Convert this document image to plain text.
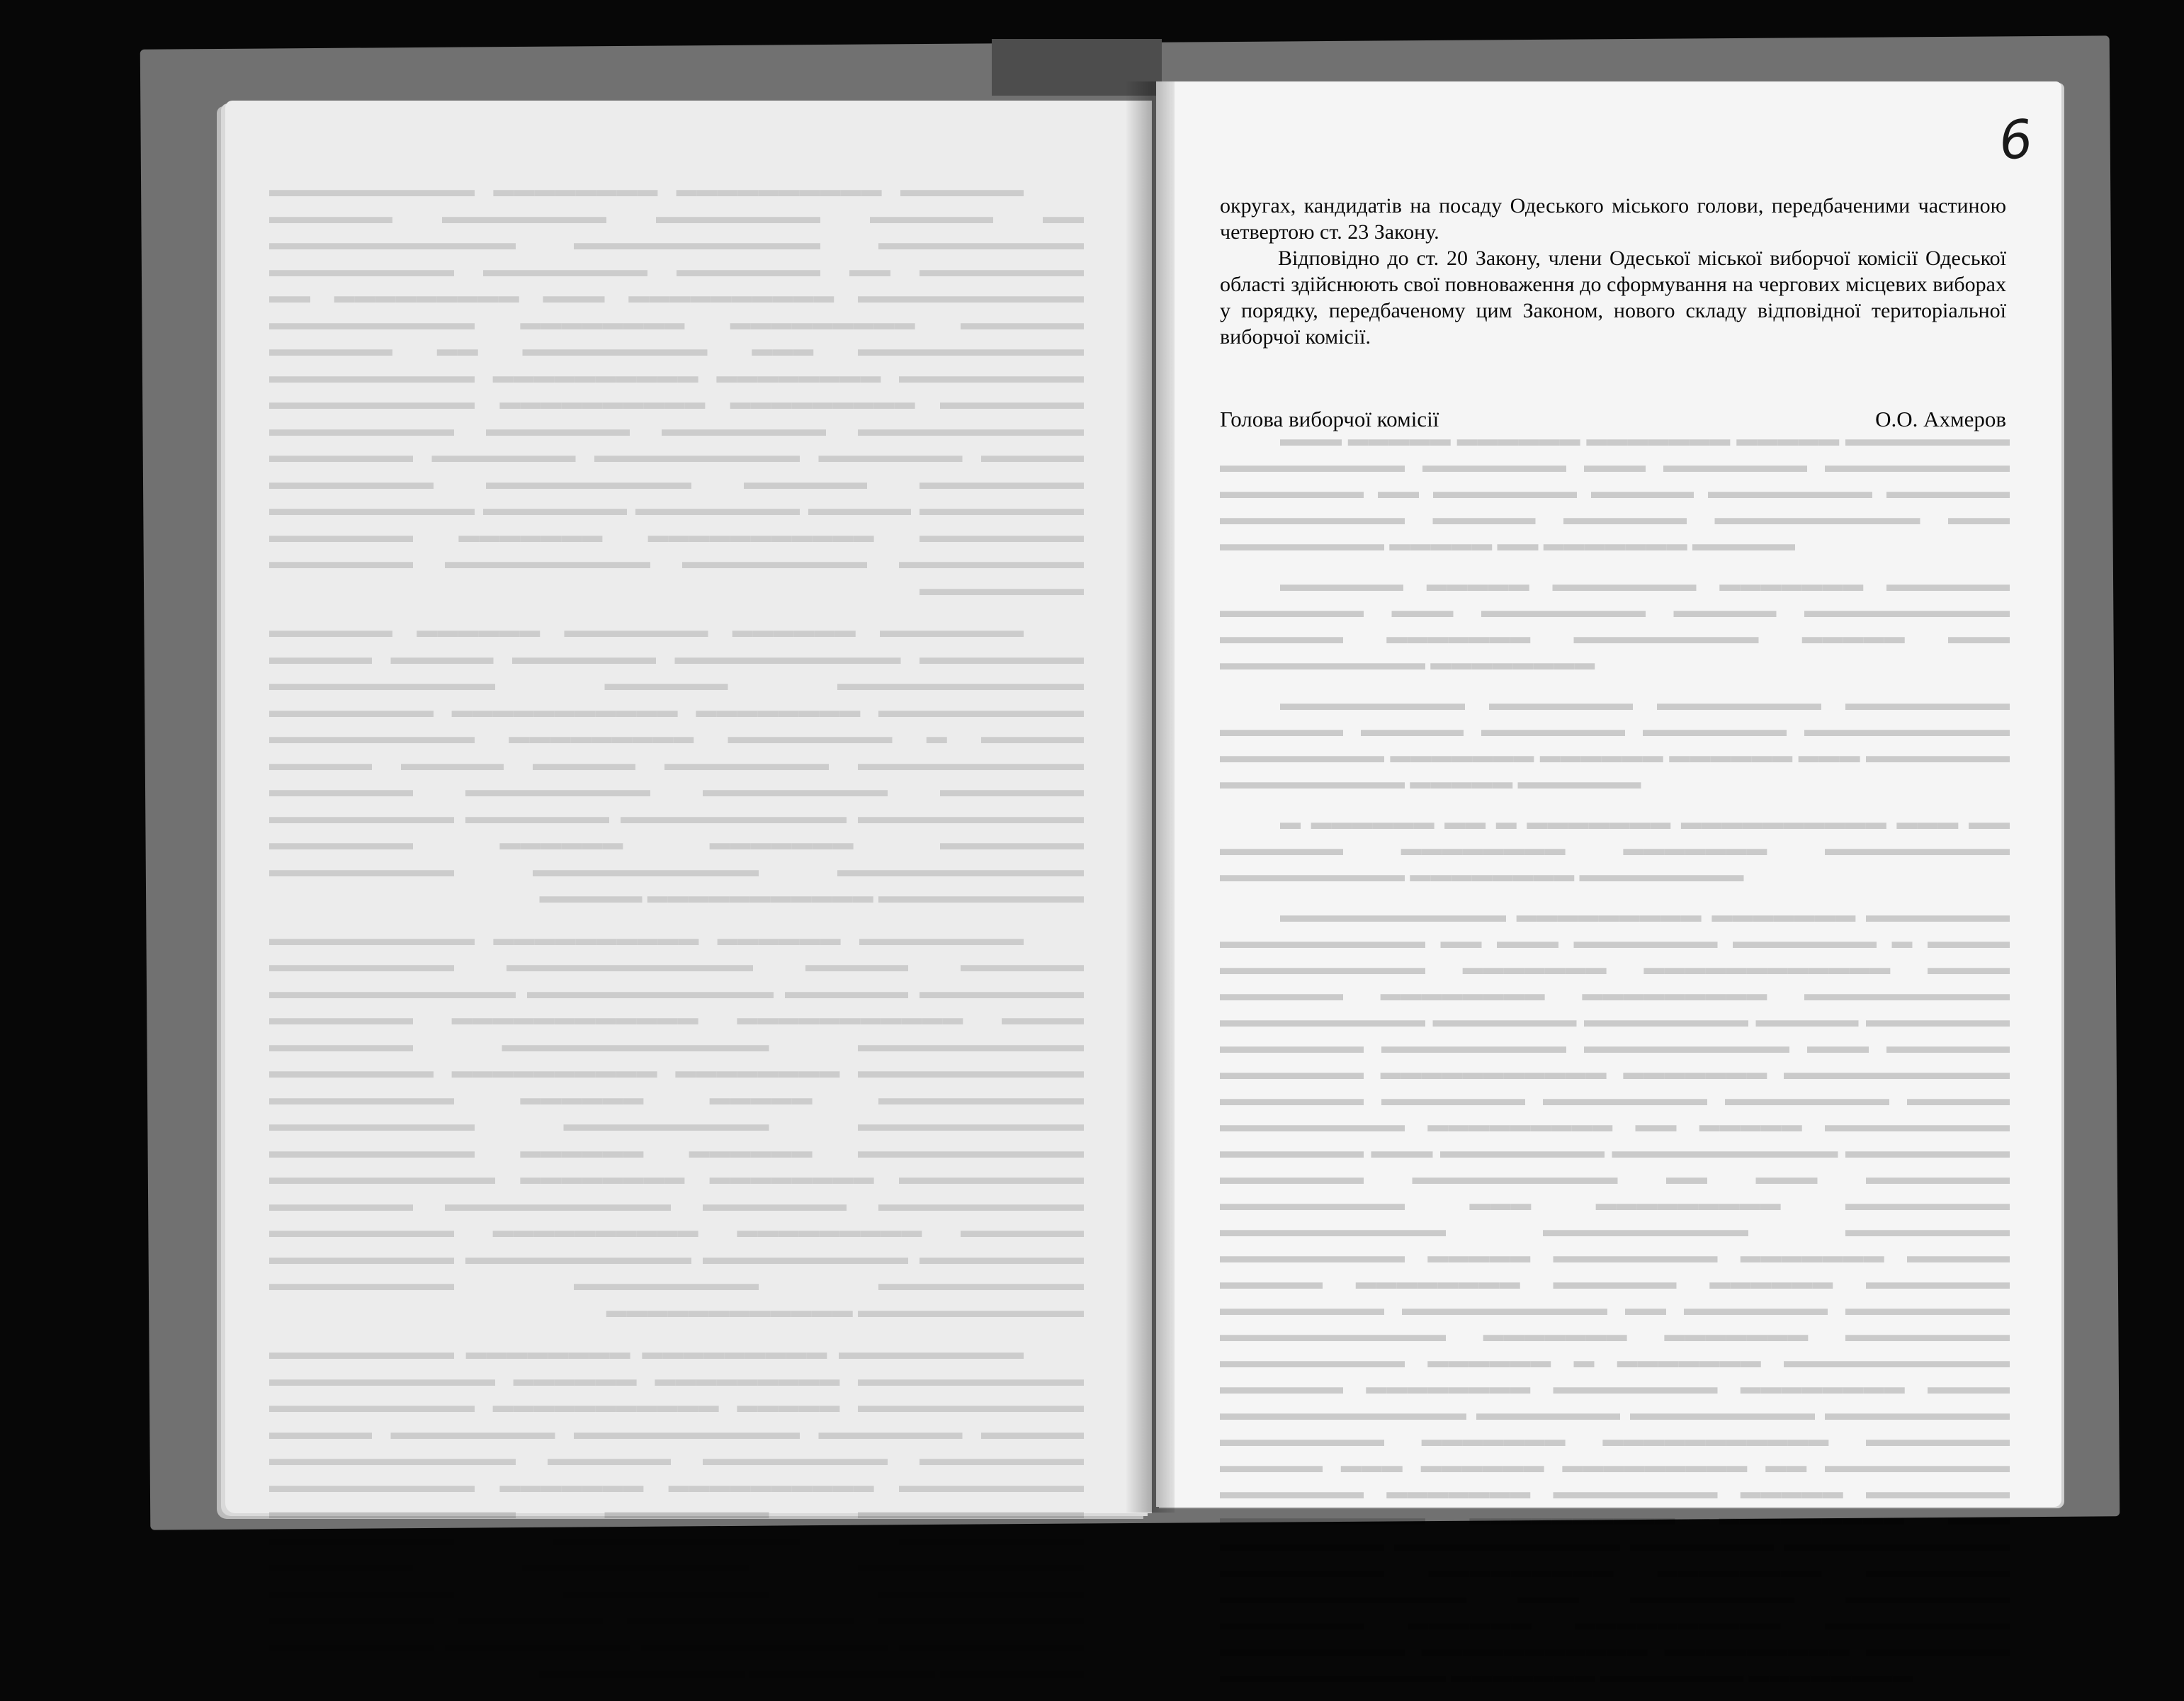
​▬▬▬ ▬▬▬▬▬ ▬▬▬▬▬▬ ▬▬▬▬▬▬▬ ▬▬▬▬▬ ▬▬▬▬▬▬▬▬ ▬▬▬▬▬▬▬▬▬ ▬▬▬▬▬▬▬ ▬▬▬ ▬▬▬▬▬▬▬ ▬▬▬▬▬▬▬▬▬ ▬▬▬▬▬▬▬ ▬▬ ▬▬▬▬▬▬▬ ▬▬▬▬▬ ▬▬▬▬▬▬▬▬ ▬▬▬▬▬▬ ▬▬▬▬▬▬▬▬▬ ▬▬▬▬▬ ▬▬▬▬▬▬ ▬▬▬▬▬▬▬▬▬▬ ▬▬▬ ▬▬▬▬▬▬▬▬ ▬▬▬▬▬ ▬▬ ▬▬▬▬▬▬▬ ▬▬▬▬▬

▬▬▬▬▬▬ ▬▬▬▬▬ ▬▬▬▬▬▬▬ ▬▬▬▬▬▬▬ ▬▬▬▬▬▬ ▬▬▬▬▬▬▬ ▬▬▬ ▬▬▬▬▬▬▬▬ ▬▬▬▬▬ ▬▬▬▬▬▬▬▬▬▬ ▬▬▬▬▬▬ ▬▬▬▬▬▬▬ ▬▬▬▬▬▬▬▬▬ ▬▬▬▬▬ ▬▬▬ ▬▬▬▬▬▬▬▬▬▬ ▬▬▬▬▬▬▬▬

▬▬▬▬▬▬▬▬▬ ▬▬▬▬▬▬▬ ▬▬▬▬▬▬▬▬ ▬▬▬▬▬▬▬▬ ▬▬▬▬▬▬ ▬▬▬▬▬ ▬▬▬▬▬▬▬ ▬▬▬▬▬▬▬ ▬▬▬▬▬▬▬▬▬▬ ▬▬▬▬▬▬▬▬ ▬▬▬▬▬▬▬ ▬▬▬▬▬▬ ▬▬▬▬▬▬ ▬▬▬ ▬▬▬▬▬▬▬ ▬▬▬▬▬▬▬▬▬ ▬▬▬▬▬ ▬▬▬▬▬▬

▬ ▬▬▬▬▬▬ ▬▬ ▬ ▬▬▬▬▬▬▬ ▬▬▬▬▬▬▬▬▬▬ ▬▬▬ ▬▬ ▬▬▬▬▬▬ ▬▬▬▬▬▬▬▬ ▬▬▬▬▬▬▬ ▬▬▬▬▬▬▬▬▬ ▬▬▬▬▬▬▬▬▬ ▬▬▬▬▬▬▬▬ ▬▬▬▬▬▬▬▬

▬▬▬▬▬▬▬▬▬▬▬ ▬▬▬▬▬▬▬▬▬ ▬▬▬▬▬▬▬ ▬▬▬▬▬▬▬ ▬▬▬▬▬▬▬▬▬▬ ▬▬ ▬▬▬ ▬▬▬▬▬▬▬ ▬▬▬▬▬▬▬ ▬ ▬▬▬▬ ▬▬▬▬▬▬▬▬▬▬ ▬▬▬▬▬▬▬ ▬▬▬▬▬▬▬▬▬▬▬▬ ▬▬▬▬ ▬▬▬▬▬▬ ▬▬▬▬▬▬▬▬ ▬▬▬▬▬▬▬▬▬ ▬▬▬▬▬▬▬▬▬▬ ▬▬▬▬▬▬▬▬▬▬ ▬▬▬▬▬▬▬ ▬▬▬▬▬▬▬▬ ▬▬▬▬▬ ▬▬▬▬▬▬▬ ▬▬▬▬▬▬▬ ▬▬▬▬▬▬▬▬▬ ▬▬▬▬▬▬▬▬▬▬ ▬▬▬ ▬▬▬▬▬▬ ▬▬▬▬▬▬▬ ▬▬▬▬▬▬▬▬▬▬▬ ▬▬▬▬▬▬▬ ▬▬▬▬▬▬▬▬▬▬▬ ▬▬▬▬▬▬▬ ▬▬▬▬▬▬▬ ▬▬▬▬▬▬▬▬ ▬▬▬▬▬▬▬▬ ▬▬▬▬▬ ▬▬▬▬▬▬▬▬▬ ▬▬▬▬▬▬▬▬▬ ▬▬ ▬▬▬▬▬ ▬▬▬▬▬▬▬▬▬ ▬▬▬▬▬▬▬ ▬▬▬ ▬▬▬▬▬▬▬▬ ▬▬▬▬▬▬▬▬▬▬▬ ▬▬▬▬▬▬▬▬ ▬▬▬▬▬▬▬ ▬▬▬▬▬▬▬▬▬▬ ▬▬ ▬▬▬ ▬▬▬▬▬▬▬ ▬▬▬▬▬▬▬▬▬ ▬▬▬ ▬▬▬▬▬▬▬▬▬ ▬▬▬▬▬▬▬▬ ▬▬▬▬▬▬▬▬▬▬▬ ▬▬▬▬▬▬▬▬▬▬ ▬▬▬▬▬▬▬▬ ▬▬▬▬▬▬▬▬▬ ▬▬▬▬▬ ▬▬▬▬▬▬▬▬ ▬▬▬▬▬▬▬ ▬▬▬▬▬ ▬▬▬▬▬ ▬▬▬▬▬▬▬▬ ▬▬▬▬▬▬ ▬▬▬▬▬▬ ▬▬▬▬▬▬▬ ▬▬▬▬▬▬▬▬ ▬▬▬▬▬▬▬▬▬▬ ▬▬ ▬▬▬▬▬▬▬ ▬▬▬▬▬▬▬▬ ▬▬▬▬▬▬▬▬▬▬▬ ▬▬▬▬▬▬▬ ▬▬▬▬▬▬▬ ▬▬▬▬▬▬▬▬ ▬▬▬▬▬▬▬▬▬ ▬▬▬▬▬▬ ▬ ▬▬▬▬▬▬▬ ▬▬▬▬▬▬▬▬▬▬▬ ▬▬▬▬▬▬ ▬▬▬▬▬▬▬▬ ▬▬▬▬▬▬▬▬ ▬▬▬▬▬▬▬▬ ▬▬▬▬ ▬▬▬▬▬▬▬▬▬▬▬▬ ▬▬▬▬▬▬▬ ▬▬▬▬▬▬▬▬▬ ▬▬▬▬▬▬▬▬▬ ▬▬▬▬▬▬▬▬ ▬▬▬▬▬▬▬ ▬▬▬▬▬▬▬▬▬▬▬ ▬▬▬▬▬▬▬ ▬▬▬▬▬ ▬▬▬ ▬▬▬▬▬▬ ▬▬▬▬▬▬▬▬▬ ▬▬ ▬▬▬▬▬▬▬▬▬ ▬▬▬▬▬▬▬ ▬▬▬▬▬▬▬ ▬▬▬▬▬▬▬▬ ▬▬▬▬▬ ▬▬▬▬▬▬▬ ▬▬▬▬▬▬▬▬▬▬ ▬▬▬▬▬▬▬▬▬▬ ▬▬▬▬▬▬▬▬▬ ▬▬▬ ▬▬▬▬▬▬▬▬ ▬▬▬▬▬▬▬▬▬▬▬ ▬▬▬▬▬▬▬ ▬▬▬▬▬▬▬▬▬▬▬ ▬▬▬▬▬▬▬▬ ▬▬▬▬▬▬▬▬▬ ▬▬▬▬▬▬▬▬ ▬▬▬▬▬▬▬ ▬▬▬▬▬▬▬▬▬▬▬▬ ▬▬▬ ▬▬▬▬▬▬▬▬ ▬▬▬▬▬▬▬▬ ▬▬▬▬▬▬▬ ▬▬▬▬▬▬ ▬▬▬▬▬▬▬▬▬▬ ▬▬▬▬▬▬▬▬▬ ▬▬▬▬▬▬▬▬▬ ▬▬▬▬▬▬▬▬▬▬▬ ▬▬▬▬▬▬▬▬▬ ▬▬▬▬▬▬▬ ▬▬▬▬▬▬▬▬▬▬▬ ▬▬▬▬▬▬▬ ▬▬▬▬▬▬▬ ▬▬▬▬▬▬▬▬

▬▬▬▬▬▬ ▬▬▬▬▬▬▬▬▬▬ ▬▬▬▬▬▬▬▬ ▬▬▬▬▬▬▬▬▬▬ ▬▬ ▬▬▬▬▬▬ ▬▬▬▬▬▬▬▬ ▬▬▬▬▬▬▬▬ ▬▬▬▬▬▬ ▬▬▬▬▬▬▬▬▬▬ ▬▬▬▬▬▬▬▬▬▬▬▬ ▬▬▬▬▬▬▬▬▬▬▬▬ ▬▬▬▬▬▬▬▬ ▬▬ ▬▬▬▬▬▬▬ ▬▬▬▬▬▬▬▬ ▬▬▬▬▬▬▬▬▬ ▬▬▬▬▬▬▬▬▬▬▬ ▬▬▬▬▬▬▬▬▬▬ ▬▬▬ ▬▬▬▬▬▬▬▬▬ ▬▬ ▬▬▬▬▬▬ ▬▬▬▬▬▬▬▬▬ ▬▬▬▬▬▬▬▬ ▬▬▬▬▬▬▬▬▬▬ ▬▬▬▬▬▬▬▬▬▬▬ ▬▬▬ ▬▬▬▬▬▬▬▬▬ ▬▬ ▬▬▬▬▬▬ ▬▬▬▬▬▬▬▬▬ ▬▬▬▬▬▬▬▬ ▬▬▬▬▬▬▬▬▬▬ ▬▬▬▬▬▬▬▬▬▬ ▬▬▬▬▬▬▬ ▬▬▬▬▬▬▬▬▬ ▬▬▬▬▬▬▬▬▬▬ ▬▬▬▬▬▬▬▬▬▬ ▬▬▬▬▬▬▬▬▬▬▬ ▬▬▬▬▬▬▬▬ ▬▬▬▬▬▬▬ ▬▬▬▬▬▬▬▬▬ ▬▬▬▬▬ ▬▬▬▬▬▬▬ ▬▬▬▬▬▬▬▬▬▬ ▬▬▬▬▬▬▬ ▬▬▬▬▬▬▬ ▬▬▬▬▬▬▬▬ ▬▬▬▬▬▬ ▬▬▬▬▬▬▬▬▬▬ ▬▬▬▬▬▬▬▬ ▬▬▬▬▬▬▬▬ ▬▬▬▬▬ ▬▬▬▬▬▬▬▬ ▬▬▬▬▬▬▬ ▬▬▬▬▬▬▬▬▬▬ ▬▬▬▬▬▬▬▬ ▬▬▬▬▬▬▬▬▬▬▬ ▬▬▬▬▬▬▬ ▬▬▬▬▬▬▬ ▬▬▬▬▬▬▬▬▬ ▬▬▬▬▬▬▬▬▬ ▬▬▬▬▬▬▬▬▬▬ ▬▬▬▬▬▬▬ ▬▬▬▬▬▬▬▬

▬▬▬▬▬▬▬ ▬▬▬▬▬▬ ▬▬▬▬▬▬▬ ▬▬▬▬▬▬ ▬▬▬▬▬▬ ▬▬▬▬▬▬▬▬ ▬▬▬▬▬▬▬▬▬▬▬ ▬▬▬▬▬▬▬ ▬▬▬▬▬ ▬▬▬▬▬ ▬▬▬▬▬▬▬▬▬▬▬▬ ▬▬▬▬▬▬ ▬▬▬▬▬▬▬▬▬▬▬ ▬▬▬▬▬▬▬▬▬▬ ▬▬▬▬▬▬▬▬ ▬▬▬▬▬▬▬▬▬▬▬ ▬▬▬▬▬▬▬▬ ▬▬▬▬▬ ▬ ▬▬▬▬▬▬▬▬ ▬▬▬▬▬▬▬▬▬ ▬▬▬▬▬▬▬▬▬▬ ▬▬▬▬▬▬▬▬▬▬▬ ▬▬▬▬▬▬▬▬ ▬▬▬▬▬ ▬▬▬▬▬ ▬▬▬▬▬ ▬▬▬▬▬▬▬ ▬▬▬▬▬▬▬▬▬ ▬▬▬▬▬▬▬▬▬ ▬▬▬▬▬▬▬ ▬▬▬▬▬▬▬▬▬▬▬ ▬▬▬▬▬▬▬▬▬▬▬ ▬▬▬▬▬▬▬ ▬▬▬▬▬▬▬▬▬ ▬▬▬▬▬▬▬ ▬▬▬▬▬▬▬ ▬▬▬▬▬▬ ▬▬▬▬▬▬▬ ▬▬▬▬▬▬▬▬▬▬▬▬ ▬▬▬▬▬▬▬▬▬▬▬ ▬▬▬▬▬▬▬▬▬ ▬▬▬▬▬▬▬▬▬▬ ▬▬▬▬▬▬▬▬▬▬▬ ▬▬▬▬▬

▬▬▬▬▬▬▬▬ ▬▬▬▬▬▬ ▬▬▬▬▬▬▬▬▬▬ ▬▬▬▬▬▬▬▬▬▬ ▬▬▬▬▬▬ ▬▬▬▬▬ ▬▬▬▬▬▬▬▬▬▬▬▬ ▬▬▬▬▬▬▬▬▬ ▬▬▬▬▬▬▬▬ ▬▬▬▬▬▬ ▬▬▬▬▬▬▬▬▬▬▬▬ ▬▬▬▬▬▬▬▬▬▬▬▬ ▬▬▬▬ ▬▬▬▬▬▬▬▬▬▬▬ ▬▬▬▬▬▬▬▬▬▬▬▬ ▬▬▬▬▬▬▬ ▬▬▬▬▬▬▬▬▬▬▬ ▬▬▬▬▬▬▬▬▬▬▬▬▬ ▬▬▬▬▬▬▬ ▬▬▬▬▬▬▬▬▬▬▬ ▬▬▬▬▬▬▬▬ ▬▬▬▬▬▬▬▬▬▬ ▬▬▬▬▬▬▬▬ ▬▬▬▬▬▬▬▬▬▬ ▬▬▬▬▬ ▬▬▬▬▬▬ ▬▬▬▬▬▬▬▬▬ ▬▬▬▬▬▬▬▬▬▬▬ ▬▬▬▬▬▬▬▬▬▬ ▬▬▬▬▬▬▬▬▬▬ ▬▬▬▬▬▬▬▬▬▬▬ ▬▬▬▬▬▬ ▬▬▬▬▬▬ ▬▬▬▬▬▬▬▬▬▬ ▬▬▬▬▬▬▬▬▬ ▬▬▬▬▬▬▬▬ ▬▬▬▬▬▬▬▬ ▬▬▬▬▬▬▬▬▬▬▬ ▬▬▬▬▬▬▬▬▬▬ ▬▬▬▬▬▬▬ ▬▬▬▬▬▬▬▬▬▬▬ ▬▬▬▬▬▬▬ ▬▬▬▬▬▬ ▬▬▬▬▬▬▬▬▬ ▬▬▬▬▬▬▬▬▬▬ ▬▬▬▬▬▬▬▬▬ ▬▬▬▬▬▬▬▬ ▬▬▬▬▬▬▬▬▬▬ ▬▬▬▬▬▬▬▬▬▬▬ ▬▬▬▬▬▬▬▬▬ ▬▬▬▬▬▬▬▬▬▬ ▬▬▬▬▬▬▬▬▬ ▬▬▬▬▬▬▬▬▬ ▬▬▬▬▬▬▬▬▬▬▬ ▬▬▬▬▬▬▬▬▬▬▬▬

▬▬▬▬▬▬▬▬▬ ▬▬▬▬▬▬▬▬▬ ▬▬▬▬▬▬▬▬ ▬▬▬▬▬▬▬▬▬ ▬▬▬▬▬▬▬▬▬▬▬ ▬▬▬▬▬▬▬▬▬ ▬▬▬▬▬▬ ▬▬▬▬▬▬▬▬▬▬▬ ▬▬▬▬▬▬▬▬▬▬▬ ▬▬▬▬▬ ▬▬▬▬▬▬▬▬▬▬▬ ▬▬▬▬▬▬▬▬▬▬ ▬▬▬▬▬ ▬▬▬▬▬▬▬ ▬▬▬▬▬▬▬▬▬▬▬ ▬▬▬▬▬▬▬▬ ▬▬▬▬▬ ▬▬▬▬▬▬▬▬ ▬▬▬▬▬▬▬▬▬ ▬▬▬▬▬▬ ▬▬▬▬▬▬▬▬▬▬▬▬ ▬▬▬▬▬▬▬▬▬ ▬▬▬▬▬▬▬▬▬▬ ▬▬▬▬▬▬▬ ▬▬▬▬▬▬▬▬▬▬ ▬▬▬▬▬▬▬▬▬▬▬ ▬▬▬▬▬▬▬▬ ▬▬▬▬▬▬▬▬▬▬▬▬ ▬▬▬▬▬▬▬▬▬ ▬▬▬▬▬▬▬▬▬▬▬▬ ▬▬▬▬▬▬▬▬▬ ▬▬▬▬▬▬▬▬▬▬▬ ▬▬▬▬▬▬▬▬▬▬▬ ▬▬▬▬▬▬▬ ▬▬▬▬▬▬▬▬▬▬ ▬▬▬▬▬▬▬▬▬▬ ▬▬▬▬▬▬▬▬▬ ▬▬▬▬▬▬▬▬▬▬ ▬▬▬▬▬▬▬▬▬▬▬ ▬▬▬▬▬▬▬ ▬▬▬▬▬▬▬▬ ▬▬▬▬▬▬▬▬▬ ▬▬▬▬▬▬▬▬▬▬▬▬ ▬▬▬▬▬▬▬▬▬ ▬▬▬▬▬▬▬▬ ▬▬▬▬▬▬▬ ▬▬▬▬▬▬▬▬▬ ▬▬▬▬▬▬▬▬▬▬

6

округах, кандидатів на посаду Одеського міського голови, передбаченими частиною четвертою ст. 23 Закону.

Відповідно до ст. 20 Закону, члени Одеської міської виборчої комісії Одеської області здійснюють свої повноваження до сформування на чергових місцевих виборах у порядку, передбаченому цим Законом, нового складу відповідної територіальної виборчої комісії.

Голова виборчої комісії	О.О. Ахмеров
